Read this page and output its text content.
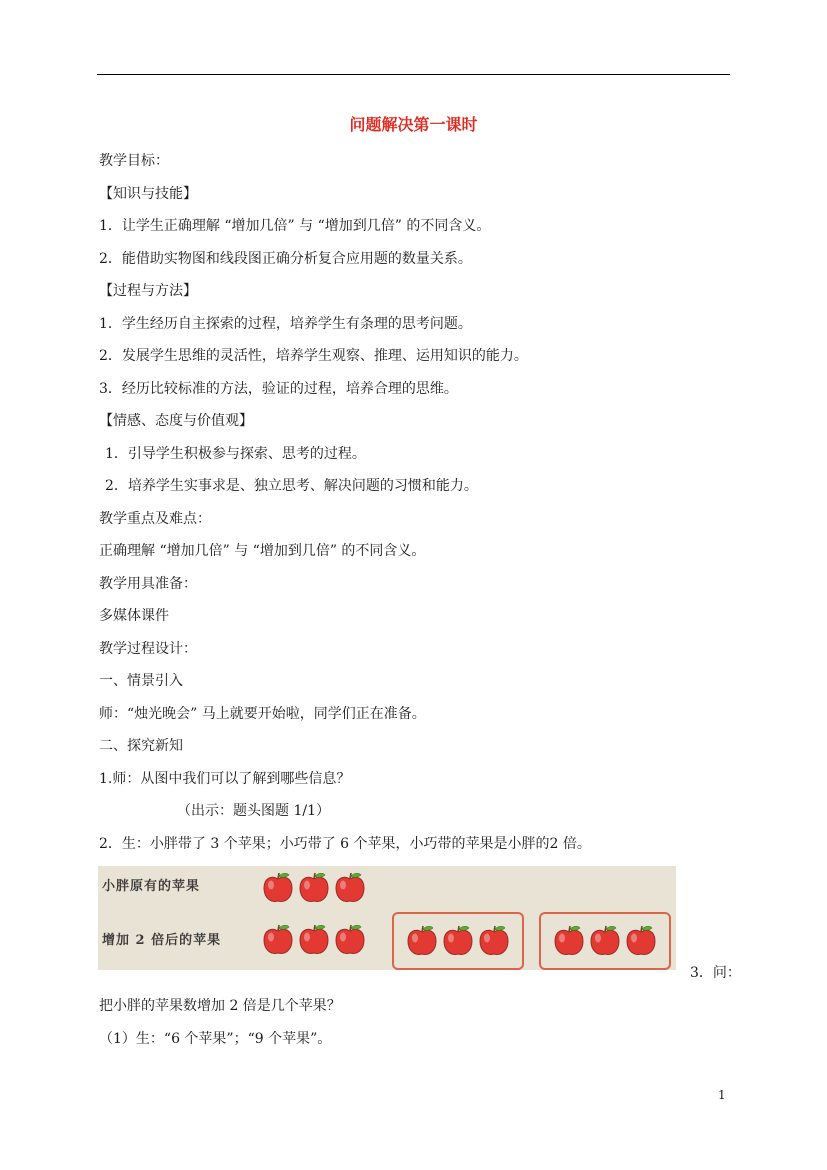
问题解决第一课时
教学目标：
【知识与技能】
1．让学生正确理解 “增加几倍” 与 “增加到几倍” 的不同含义。
2．能借助实物图和线段图正确分析复合应用题的数量关系。
【过程与方法】
1．学生经历自主探索的过程，培养学生有条理的思考问题。
2．发展学生思维的灵活性，培养学生观察、推理、运用知识的能力。
3．经历比较标准的方法，验证的过程，培养合理的思维。
【情感、态度与价值观】
1．引导学生积极参与探索、思考的过程。
2．培养学生实事求是、独立思考、解决问题的习惯和能力。
教学重点及难点：
正确理解 “增加几倍” 与 “增加到几倍” 的不同含义。
教学用具准备：
多媒体课件
教学过程设计：
一、情景引入
师：“烛光晚会” 马上就要开始啦，同学们正在准备。
二、探究新知
1.师：从图中我们可以了解到哪些信息？
（出示：题头图题 1/1）
2．生：小胖带了 3 个苹果；小巧带了 6 个苹果，小巧带的苹果是小胖的2 倍。
小胖原有的苹果
增加 2 倍后的苹果
3．问：
把小胖的苹果数增加 2 倍是几个苹果？
（1）生：“6 个苹果”；“9 个苹果”。
1
